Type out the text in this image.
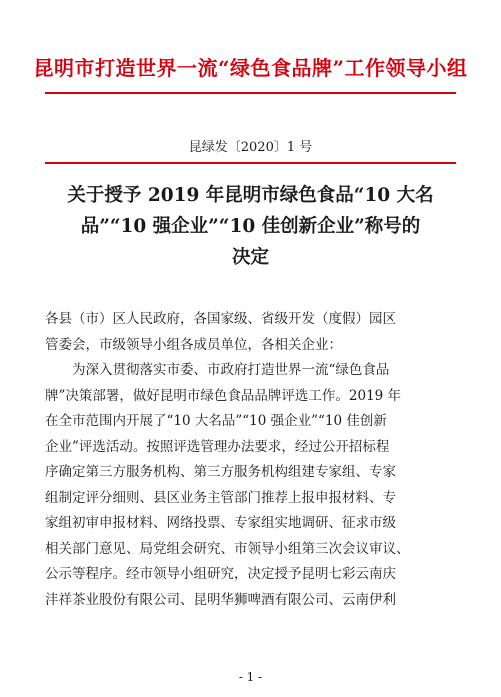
昆明市打造世界一流“绿色食品牌”工作领导小组
昆绿发〔2020〕1 号
关于授予 2019 年昆明市绿色食品“10 大名
品”“10 强企业”“10 佳创新企业”称号的
决定
各县（市）区人民政府，各国家级、省级开发（度假）园区
管委会，市级领导小组各成员单位，各相关企业：
为深入贯彻落实市委、市政府打造世界一流“绿色食品
牌”决策部署，做好昆明市绿色食品品牌评选工作。2019 年
在全市范围内开展了“10 大名品”“10 强企业”“10 佳创新
企业”评选活动。按照评选管理办法要求，经过公开招标程
序确定第三方服务机构、第三方服务机构组建专家组、专家
组制定评分细则、县区业务主管部门推荐上报申报材料、专
家组初审申报材料、网络投票、专家组实地调研、征求市级
相关部门意见、局党组会研究、市领导小组第三次会议审议、
公示等程序。经市领导小组研究，决定授予昆明七彩云南庆
沣祥茶业股份有限公司、昆明华狮啤酒有限公司、云南伊利
- 1 -
